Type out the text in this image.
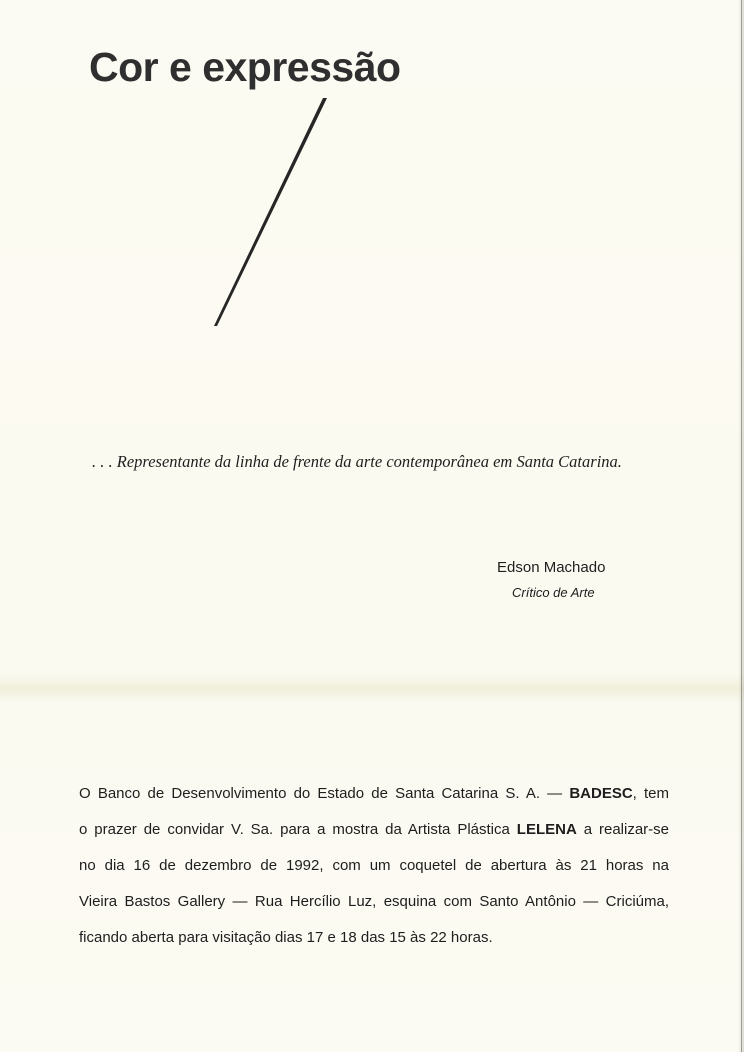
Cor e expressão
. . . Representante da linha de frente da arte contemporânea em Santa Catarina.
Edson Machado
Crítico de Arte
O Banco de Desenvolvimento do Estado de Santa Catarina S. A. — BADESC, tem
o prazer de convidar V. Sa. para a mostra da Artista Plástica LELENA a realizar-se
no dia 16 de dezembro de 1992, com um coquetel de abertura às 21 horas na
Vieira Bastos Gallery — Rua Hercílio Luz, esquina com Santo Antônio — Criciúma,
ficando aberta para visitação dias 17 e 18 das 15 às 22 horas.
